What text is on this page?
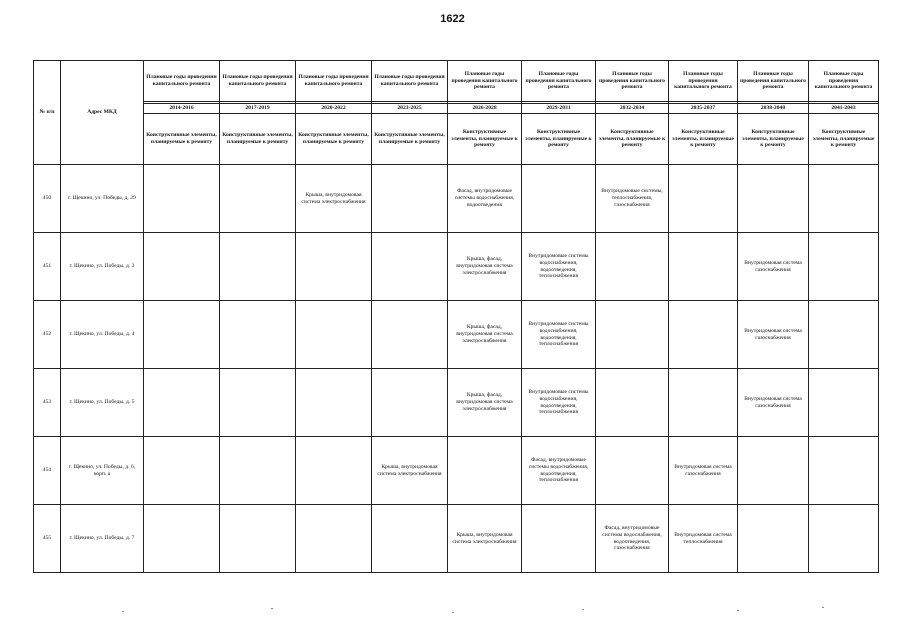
1622
№ п/п	Адрес МКД	Плановые годы проведении капитального ремонта	Плановые годы проведения капитального ремонта	Плановые годы проведения капитального ремонта	Плановые годы проведения капитального ремонта	Плановые годы проведения капитального ремонта	Плановые годы проведения капитального ремонта	Плановые годы проведения капитального ремонта	Плановые годы проведения капитального ремонта	Плановые годы проведения капитального ремонта	Плановые годы проведения капитального ремонта

		2014-2016	2017-2019	2020-2022	2023-2025	2026-2028	2029-2031	2032-2034	2035-2037	2038-2040	2041-2043

		Конструктивные элементы, планируемые к ремонту	Конструктивные элементы, планируемые к ремонту	Конструктивные элементы, планируемые к ремонту	Конструктивные элементы, планируемые к ремонту	Конструктивные элементы, планируемые к ремонту	Конструктивные элементы, планируемые к ремонту	Конструктивные элементы, планируемые к ремонту	Конструктивные элементы, планируемые к ремонту	Конструктивные элементы, планируемые к ремонту	Конструктивные элементы, планируемые к ремонту
450	г. Щекино, ул. Победы, д. 29			Крыша, внутридомовая система электроснабжения		Фасад, внутридомовые системы водоснабжения, водоотведения		Внутридомовые системы, теплоснабжения, газоснабжения			
451	г. Щекино, ул. Победы, д. 3					Крыша, фасад, внутридомовая система электроснабжения	Внутридомовые системы водоснабжения, водоотведения, теплоснабжения			Внутридомовая система газоснабжения	
452	г. Щекино, ул. Победы, д. 4					Крыша, фасад, внутридомовая система электроснабжения	Внутридомовые системы водоснабжения, водоотведения, теплоснабжения			Внутридомовая система газоснабжения	
453	г. Щекино, ул. Победы, д. 5					Крыша, фасад, внутридомовая система электроснабжения	Внутридомовые системы водоснабжения, водоотведения, теплоснабжения			Внутридомовая система газоснабжения	
454	г. Щекино, ул. Победы, д. 6, корп. а				Крыша, внутридомовая система электроснабжения		Фасад, внутридомовые системы водоснабжения, водоотведения, теплоснабжения		Внутридомовая система газоснабжения		
455	г. Щекино, ул. Победы, д. 7					Крыша, внутридомовая система электроснабжения		Фасад, внутридомовые системы водоснабжения, водоотведения, газоснабжения	Внутридомовая система теплоснабжения		
